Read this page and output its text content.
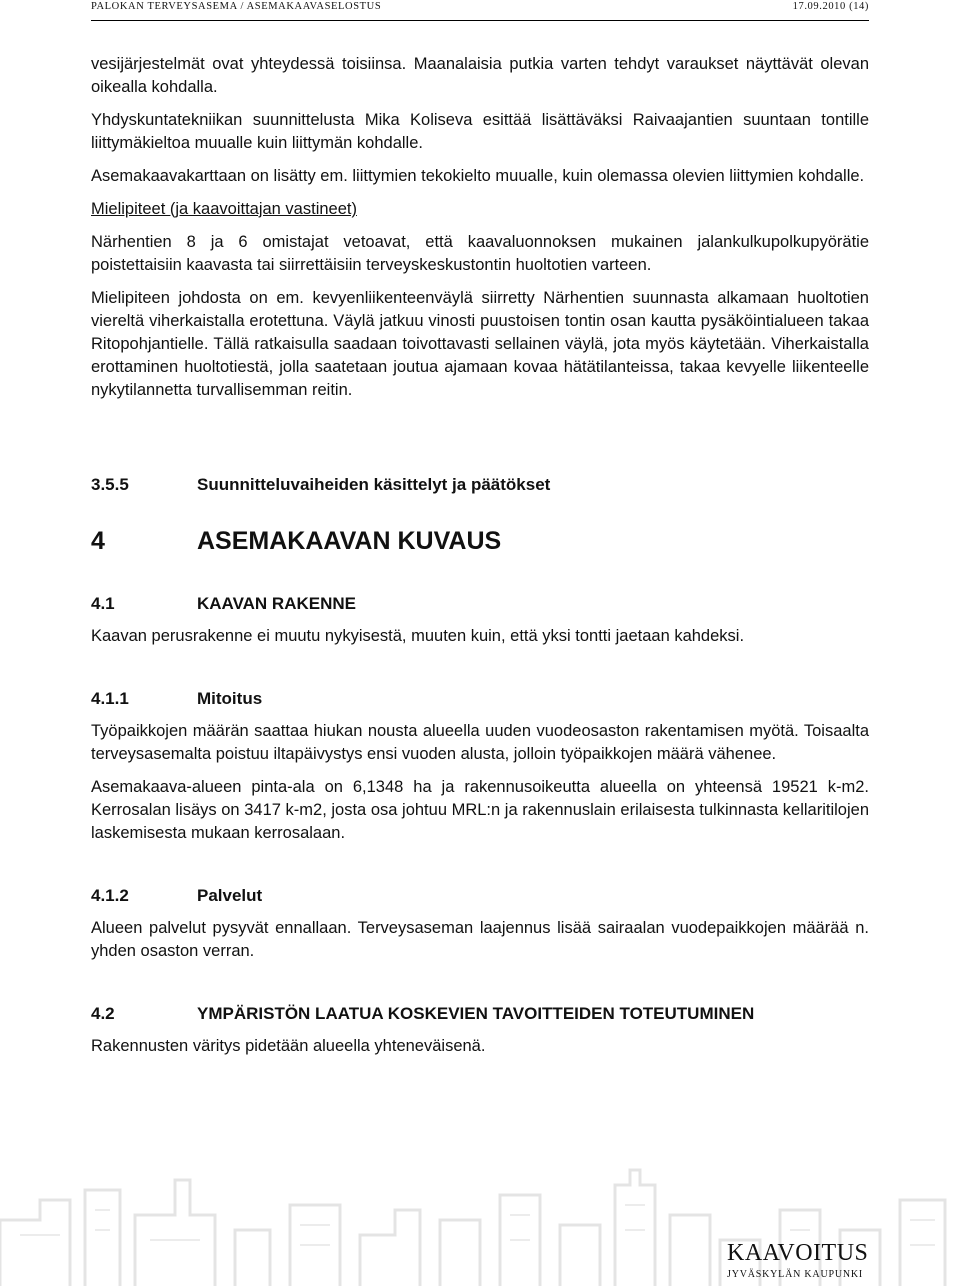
PALOKAN TERVEYSASEMA / ASEMAKAAVASELOSTUS	17.09.2010 (14)

vesijärjestelmät ovat yhteydessä toisiinsa. Maanalaisia putkia varten tehdyt varaukset näyttävät olevan oikealla kohdalla.

Yhdyskuntatekniikan suunnittelusta Mika Koliseva esittää lisättäväksi Raivaajantien suuntaan tontille liittymäkieltoa muualle kuin liittymän kohdalle.

Asemakaavakarttaan on lisätty em. liittymien tekokielto muualle, kuin olemassa olevien liittymien kohdalle.

Mielipiteet (ja kaavoittajan vastineet)

Närhentien 8 ja 6 omistajat vetoavat, että kaavaluonnoksen mukainen jalankulkupolkupyörätie poistettaisiin kaavasta tai siirrettäisiin terveyskeskustontin huoltotien varteen.

Mielipiteen johdosta on em. kevyenliikenteenväylä siirretty Närhentien suunnasta alkamaan huoltotien viereltä viherkaistalla erotettuna. Väylä jatkuu vinosti puustoisen tontin osan kautta pysäköintialueen takaa Ritopohjantielle. Tällä ratkaisulla saadaan toivottavasti sellainen väylä, jota myös käytetään. Viherkaistalla erottaminen huoltotiestä, jolla saatetaan joutua ajamaan kovaa hätätilanteissa, takaa kevyelle liikenteelle nykytilannetta turvallisemman reitin.

3.5.5	Suunnitteluvaiheiden käsittelyt ja päätökset
4	ASEMAKAAVAN KUVAUS
4.1	KAAVAN RAKENNE

Kaavan perusrakenne ei muutu nykyisestä, muuten kuin, että yksi tontti jaetaan kahdeksi.

4.1.1	Mitoitus

Työpaikkojen määrän saattaa hiukan nousta alueella uuden vuodeosaston rakentamisen myötä. Toisaalta terveysasemalta poistuu iltapäivystys ensi vuoden alusta, jolloin työpaikkojen määrä vähenee.

Asemakaava-alueen pinta-ala on 6,1348 ha ja rakennusoikeutta alueella on yhteensä 19521 k-m2. Kerrosalan lisäys on 3417 k-m2, josta osa johtuu MRL:n ja rakennuslain erilaisesta tulkinnasta kellaritilojen laskemisesta mukaan kerrosalaan.

4.1.2	Palvelut

Alueen palvelut pysyvät ennallaan. Terveysaseman laajennus lisää sairaalan vuodepaikkojen määrää n. yhden osaston verran.

4.2	YMPÄRISTÖN LAATUA KOSKEVIEN TAVOITTEIDEN TOTEUTUMINEN

Rakennusten väritys pidetään alueella yhteneväisenä.

KAAVOITUS
JYVÄSKYLÄN KAUPUNKI
